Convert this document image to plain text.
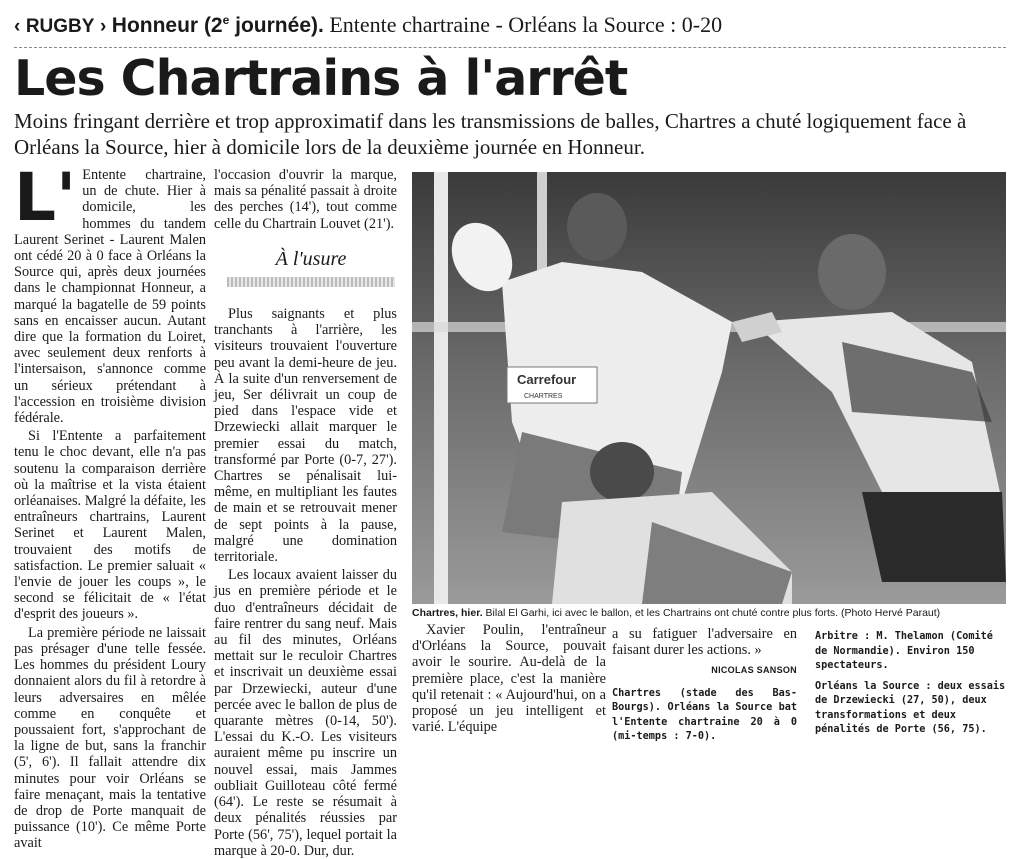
‹ RUGBY › Honneur (2e journée). Entente chartraine - Orléans la Source : 0-20
Les Chartrains à l'arrêt
Moins fringant derrière et trop approximatif dans les transmissions de balles, Chartres a chuté logiquement face à Orléans la Source, hier à domicile lors de la deuxième journée en Honneur.
L' Entente chartraine, un de chute. Hier à domicile, les hommes du tandem Laurent Serinet - Laurent Malen ont cédé 20 à 0 face à Orléans la Source qui, après deux journées dans le championnat Honneur, a marqué la bagatelle de 59 points sans en encaisser aucun. Autant dire que la formation du Loiret, avec seulement deux renforts à l'intersaison, s'annonce comme un sérieux prétendant à l'accession en troisième division fédérale.

Si l'Entente a parfaitement tenu le choc devant, elle n'a pas soutenu la comparaison derrière où la maîtrise et la vista étaient orléanaises. Malgré la défaite, les entraîneurs chartrains, Laurent Serinet et Laurent Malen, trouvaient des motifs de satisfaction. Le premier saluait « l'envie de jouer les coups », le second se félicitait de « l'état d'esprit des joueurs ».

La première période ne laissait pas présager d'une telle fessée. Les hommes du président Loury donnaient alors du fil à retordre à leurs adversaires en mêlée comme en conquête et poussaient fort, s'approchant de la ligne de but, sans la franchir (5', 6'). Il fallait attendre dix minutes pour voir Orléans se faire menaçant, mais la tentative de drop de Porte manquait de puissance (10'). Ce même Porte avait

l'occasion d'ouvrir la marque, mais sa pénalité passait à droite des perches (14'), tout comme celle du Chartrain Louvet (21').

À l'usure

Plus saignants et plus tranchants à l'arrière, les visiteurs trouvaient l'ouverture peu avant la demi-heure de jeu. À la suite d'un renversement de jeu, Ser délivrait un coup de pied dans l'espace vide et Drzewiecki allait marquer le premier essai du match, transformé par Porte (0-7, 27'). Chartres se pénalisait lui-même, en multipliant les fautes de main et se retrouvait mener de sept points à la pause, malgré une domination territoriale.

Les locaux avaient laisser du jus en première période et le duo d'entraîneurs décidait de faire rentrer du sang neuf. Mais au fil des minutes, Orléans mettait sur le reculoir Chartres et inscrivait un deuxième essai par Drzewiecki, auteur d'une percée avec le ballon de plus de quarante mètres (0-14, 50'). L'essai du K.-O. Les visiteurs auraient même pu inscrire un nouvel essai, mais Jammes oubliait Guilloteau côté fermé (64'). Le reste se résumait à deux pénalités réussies par Porte (56', 75'), lequel portait la marque à 20-0. Dur, dur.

Carrefour
CHARTRES
Chartres, hier. Bilal El Garhi, ici avec le ballon, et les Chartrains ont chuté contre plus forts. (Photo Hervé Paraut)

Xavier Poulin, l'entraîneur d'Orléans la Source, pouvait avoir le sourire. Au-delà de la première place, c'est la manière qu'il retenait : « Aujourd'hui, on a proposé un jeu intelligent et varié. L'équipe

a su fatiguer l'adversaire en faisant durer les actions. »

NICOLAS SANSON
Chartres (stade des Bas-Bourgs). Orléans la Source bat l'Entente chartraine 20 à 0 (mi-temps : 7-0).

Arbitre : M. Thelamon (Comité de Normandie). Environ 150 spectateurs.

Orléans la Source : deux essais de Drzewiecki (27, 50), deux transformations et deux pénalités de Porte (56, 75).
